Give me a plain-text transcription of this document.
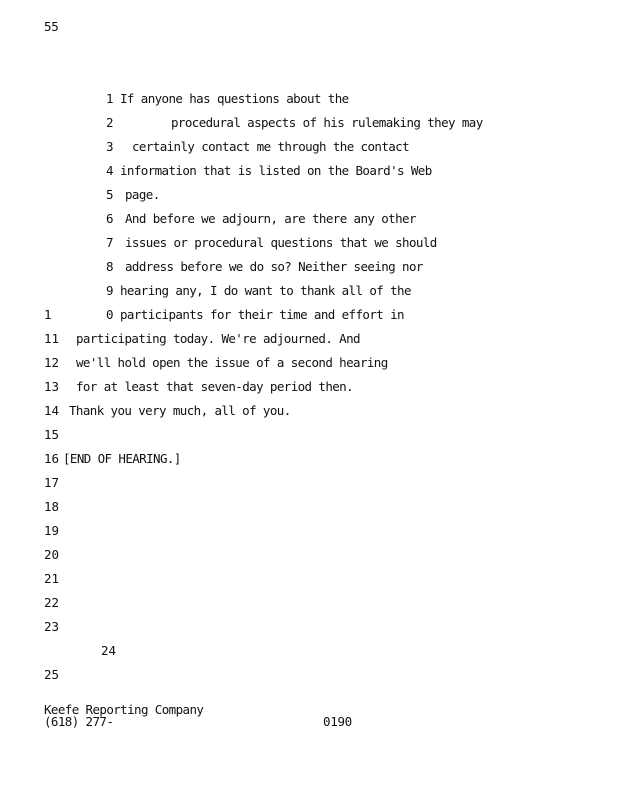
55
1 If anyone has questions about the
2	procedural aspects of his rulemaking they may
3 certainly contact me through the contact
4 information that is listed on the Board's Web
5 page.
6 And before we adjourn, are there any other
7 issues or procedural questions that we should
8 address before we do so? Neither seeing nor
9 hearing any, I do want to thank all of the
1	0 participants for their time and effort in
11 participating today. We're adjourned. And
12 we'll hold open the issue of a second hearing
13 for at least that seven-day period then.
14 Thank you very much, all of you.
15
16 [END OF HEARING.]
17
18
19
20
21
22
23
24
25
Keefe Reporting Company
(618) 277-	0190
